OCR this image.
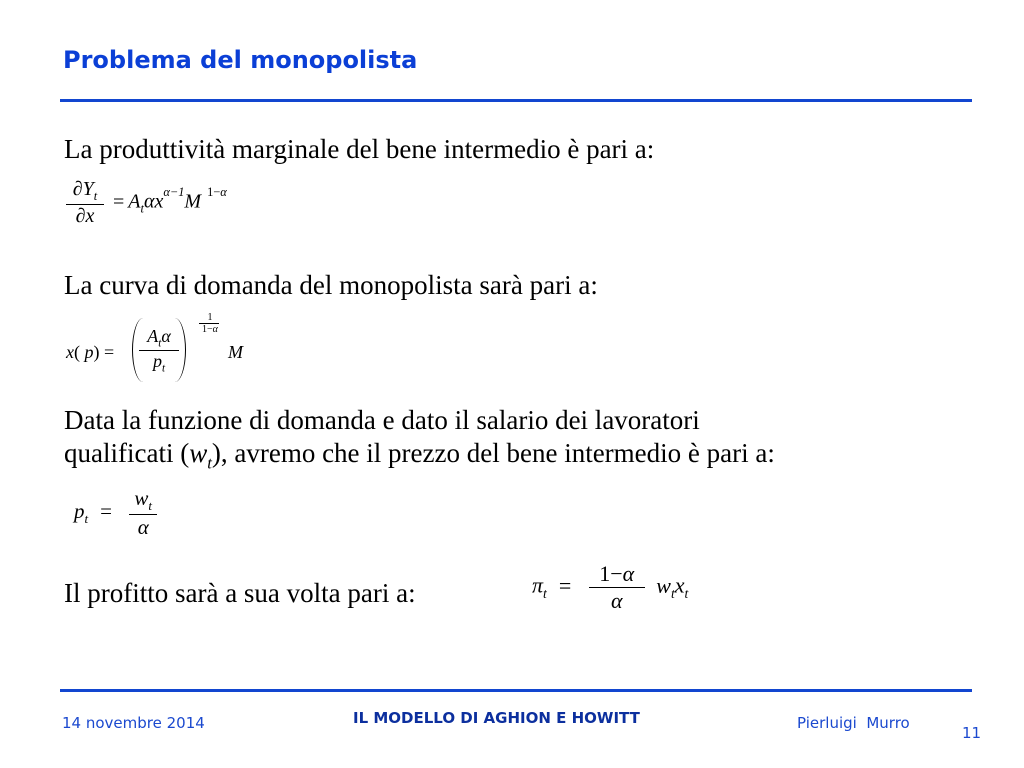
Problema del monopolista

La produttività marginale del bene intermedio è pari a:

$\frac{\partial Y_t}{\partial x} = A_t\alpha x^{\alpha-1}M$ $^{1-\alpha}$

La curva di domanda del monopolista sarà pari a:

x( $p) = \frac{A_t\alpha}{p_t}$
1
1−α
M

Data la funzione di domanda e dato il salario dei lavoratori
qualificati $(w_t)$, avremo che il prezzo del bene intermedio è pari a:

$p_t = \frac{w_t}{\alpha}$

Il profitto sarà a sua volta pari a:	$\pi_t = \frac{1-\alpha}{\alpha} w_tx_t$
14 novembre 2014	IL MODELLO DI AGHION E HOWITT	Pierluigi  Murro
11
